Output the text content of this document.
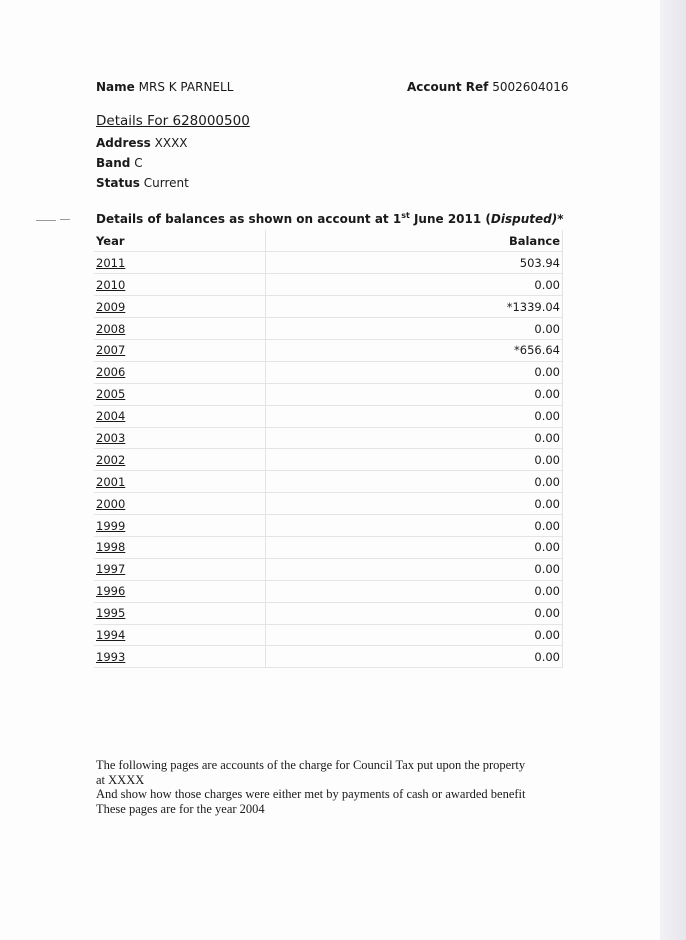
Name MRS K PARNELL	Account Ref 5002604016
Details For 628000500
Address XXXX
Band C
Status Current
Details of balances as shown on account at 1st June 2011 (Disputed)*
Year	Balance
2011	503.94
2010	0.00
2009	*1339.04
2008	0.00
2007	*656.64
2006	0.00
2005	0.00
2004	0.00
2003	0.00
2002	0.00
2001	0.00
2000	0.00
1999	0.00
1998	0.00
1997	0.00
1996	0.00
1995	0.00
1994	0.00
1993	0.00
The following pages are accounts of the charge for Council Tax put upon the property
at XXXX
And show how those charges were either met by payments of cash or awarded benefit
These pages are for the year 2004
